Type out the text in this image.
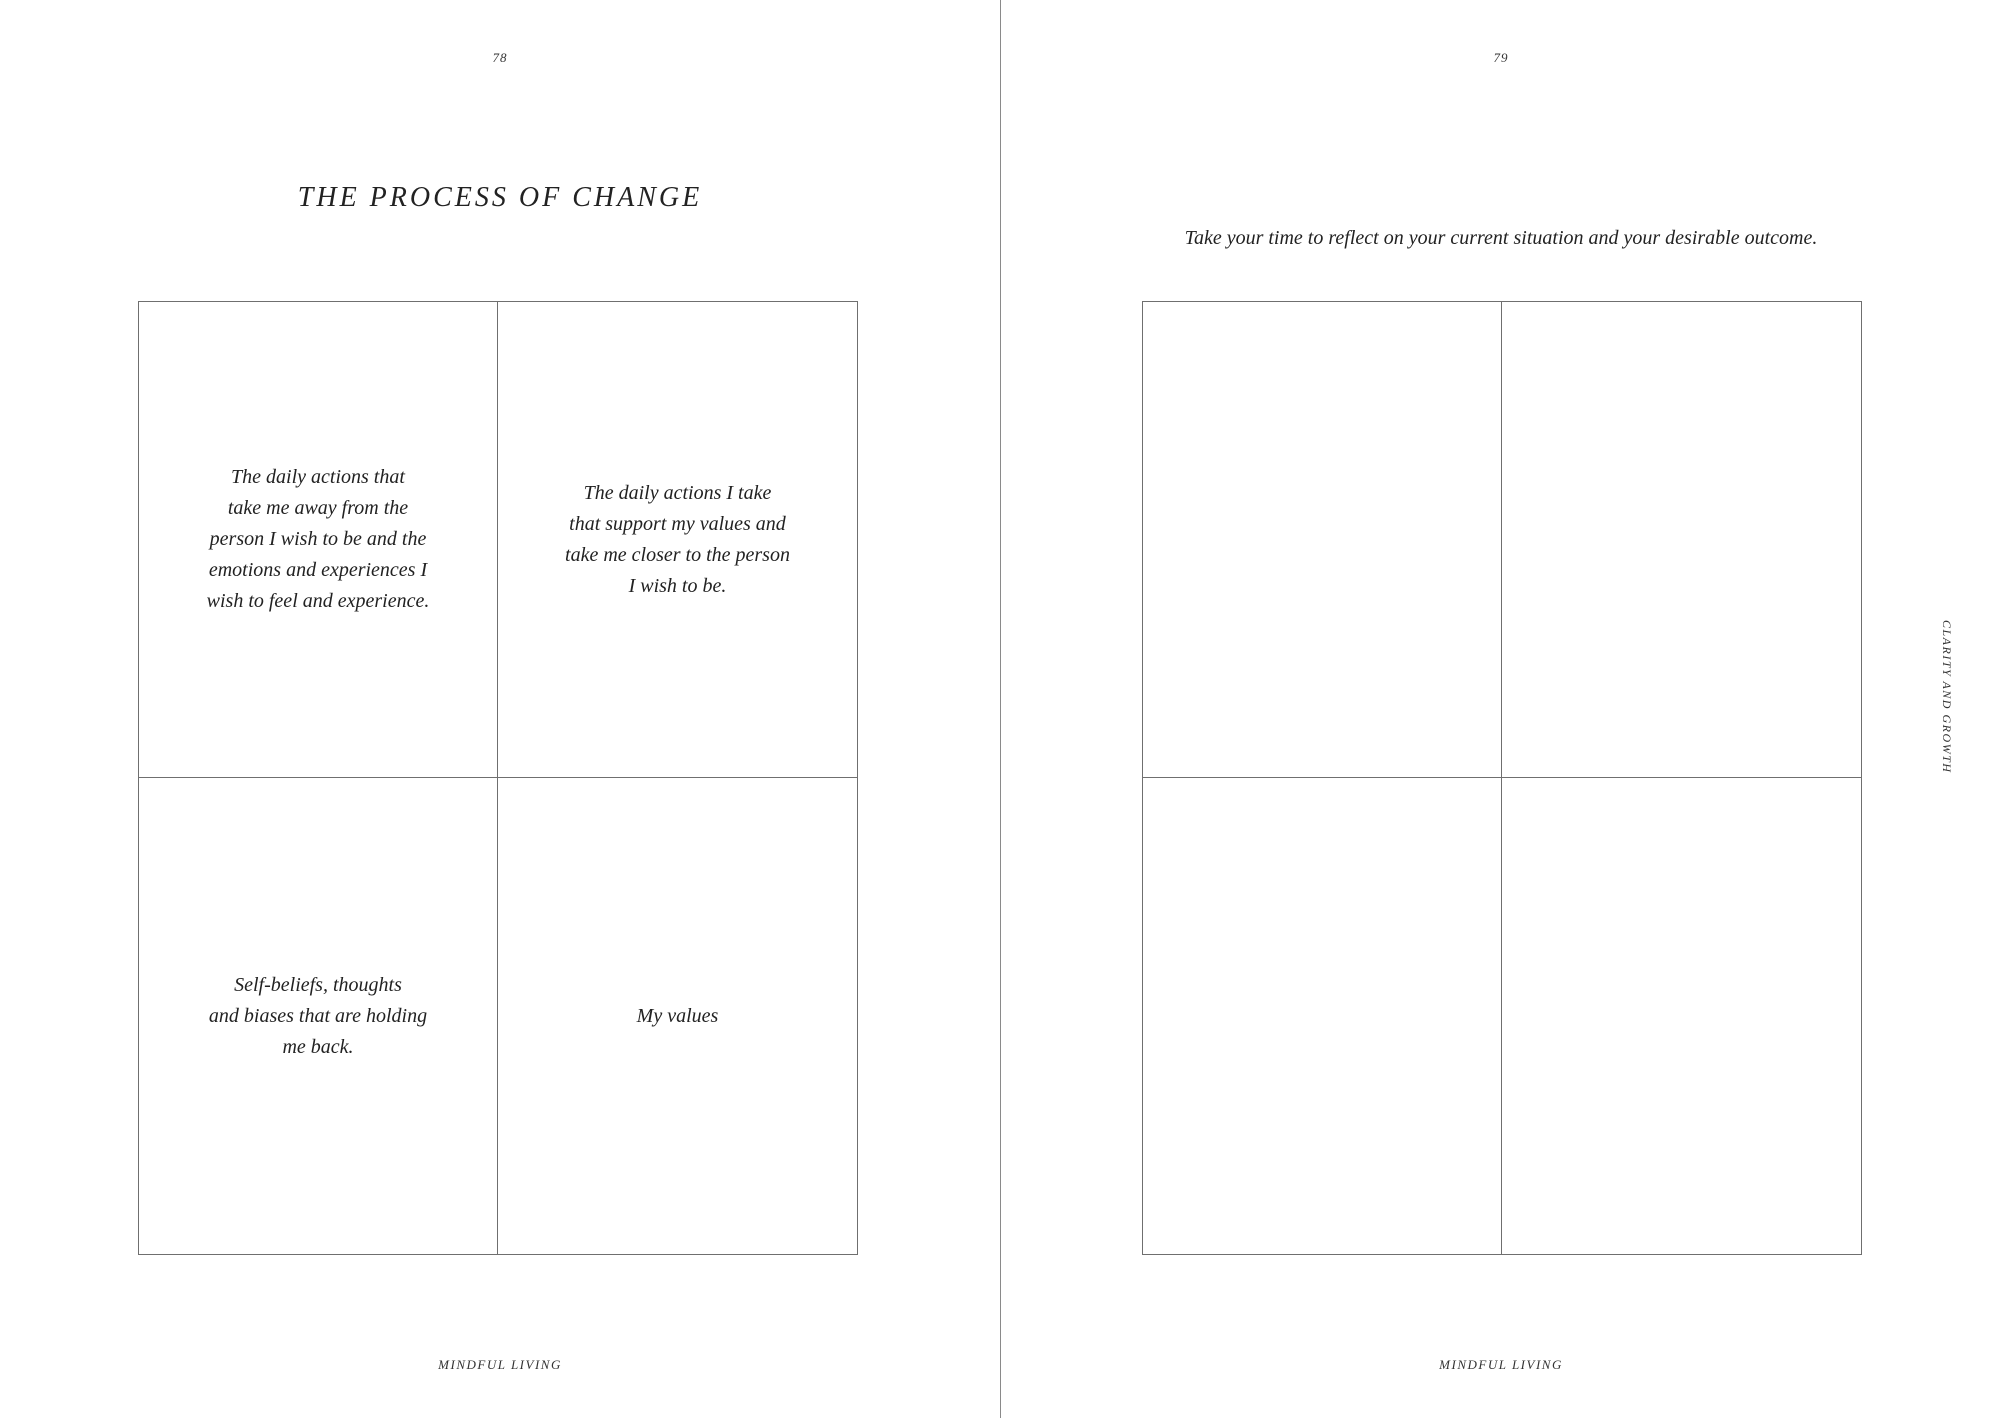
78
THE PROCESS OF CHANGE
The daily actions that
take me away from the
person I wish to be and the
emotions and experiences I
wish to feel and experience.
The daily actions I take
that support my values and
take me closer to the person
I wish to be.
Self-beliefs, thoughts
and biases that are holding
me back.
My values
MINDFUL LIVING
79
Take your time to reflect on your current situation and your desirable outcome.
CLARITY AND GROWTH
MINDFUL LIVING
